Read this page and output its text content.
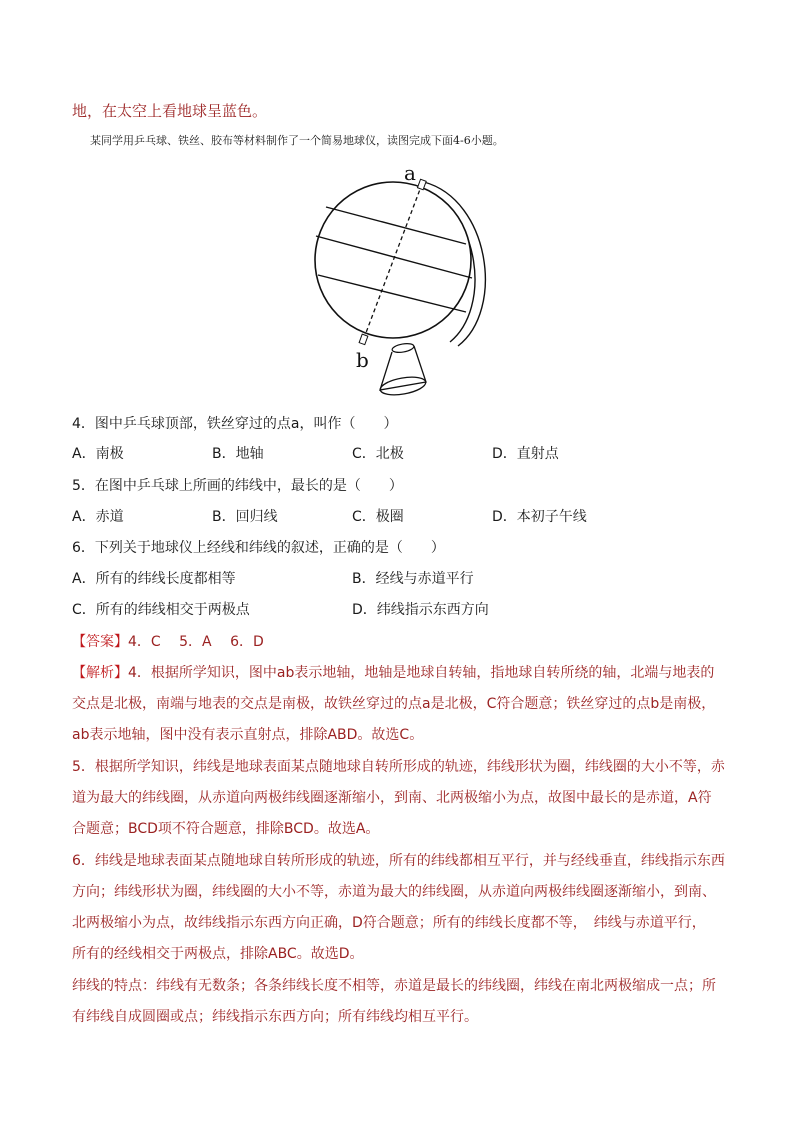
地，在太空上看地球呈蓝色。
某同学用乒乓球、铁丝、胶布等材料制作了一个简易地球仪，读图完成下面4-6小题。
a
b
4．图中乒乓球顶部，铁丝穿过的点a，叫作（　　）
A．南极	B．地轴	C．北极	D．直射点
5．在图中乒乓球上所画的纬线中，最长的是（　　）
A．赤道	B．回归线	C．极圈	D．本初子午线
6．下列关于地球仪上经线和纬线的叙述，正确的是（　　）
A．所有的纬线长度都相等	B．经线与赤道平行
C．所有的纬线相交于两极点	D．纬线指示东西方向
【答案】4．C　 5．A　 6．D
【解析】4．根据所学知识，图中ab表示地轴，地轴是地球自转轴，指地球自转所绕的轴，北端与地表的
交点是北极，南端与地表的交点是南极，故铁丝穿过的点a是北极，C符合题意；铁丝穿过的点b是南极，
ab表示地轴，图中没有表示直射点，排除ABD。故选C。
5．根据所学知识，纬线是地球表面某点随地球自转所形成的轨迹，纬线形状为圈，纬线圈的大小不等，赤
道为最大的纬线圈，从赤道向两极纬线圈逐渐缩小，到南、北两极缩小为点，故图中最长的是赤道，A符
合题意；BCD项不符合题意，排除BCD。故选A。
6．纬线是地球表面某点随地球自转所形成的轨迹，所有的纬线都相互平行，并与经线垂直，纬线指示东西
方向；纬线形状为圈，纬线圈的大小不等，赤道为最大的纬线圈，从赤道向两极纬线圈逐渐缩小，到南、
北两极缩小为点，故纬线指示东西方向正确，D符合题意；所有的纬线长度都不等，　纬线与赤道平行，
所有的经线相交于两极点，排除ABC。故选D。
纬线的特点：纬线有无数条；各条纬线长度不相等，赤道是最长的纬线圈，纬线在南北两极缩成一点；所
有纬线自成圆圈或点；纬线指示东西方向；所有纬线均相互平行。
